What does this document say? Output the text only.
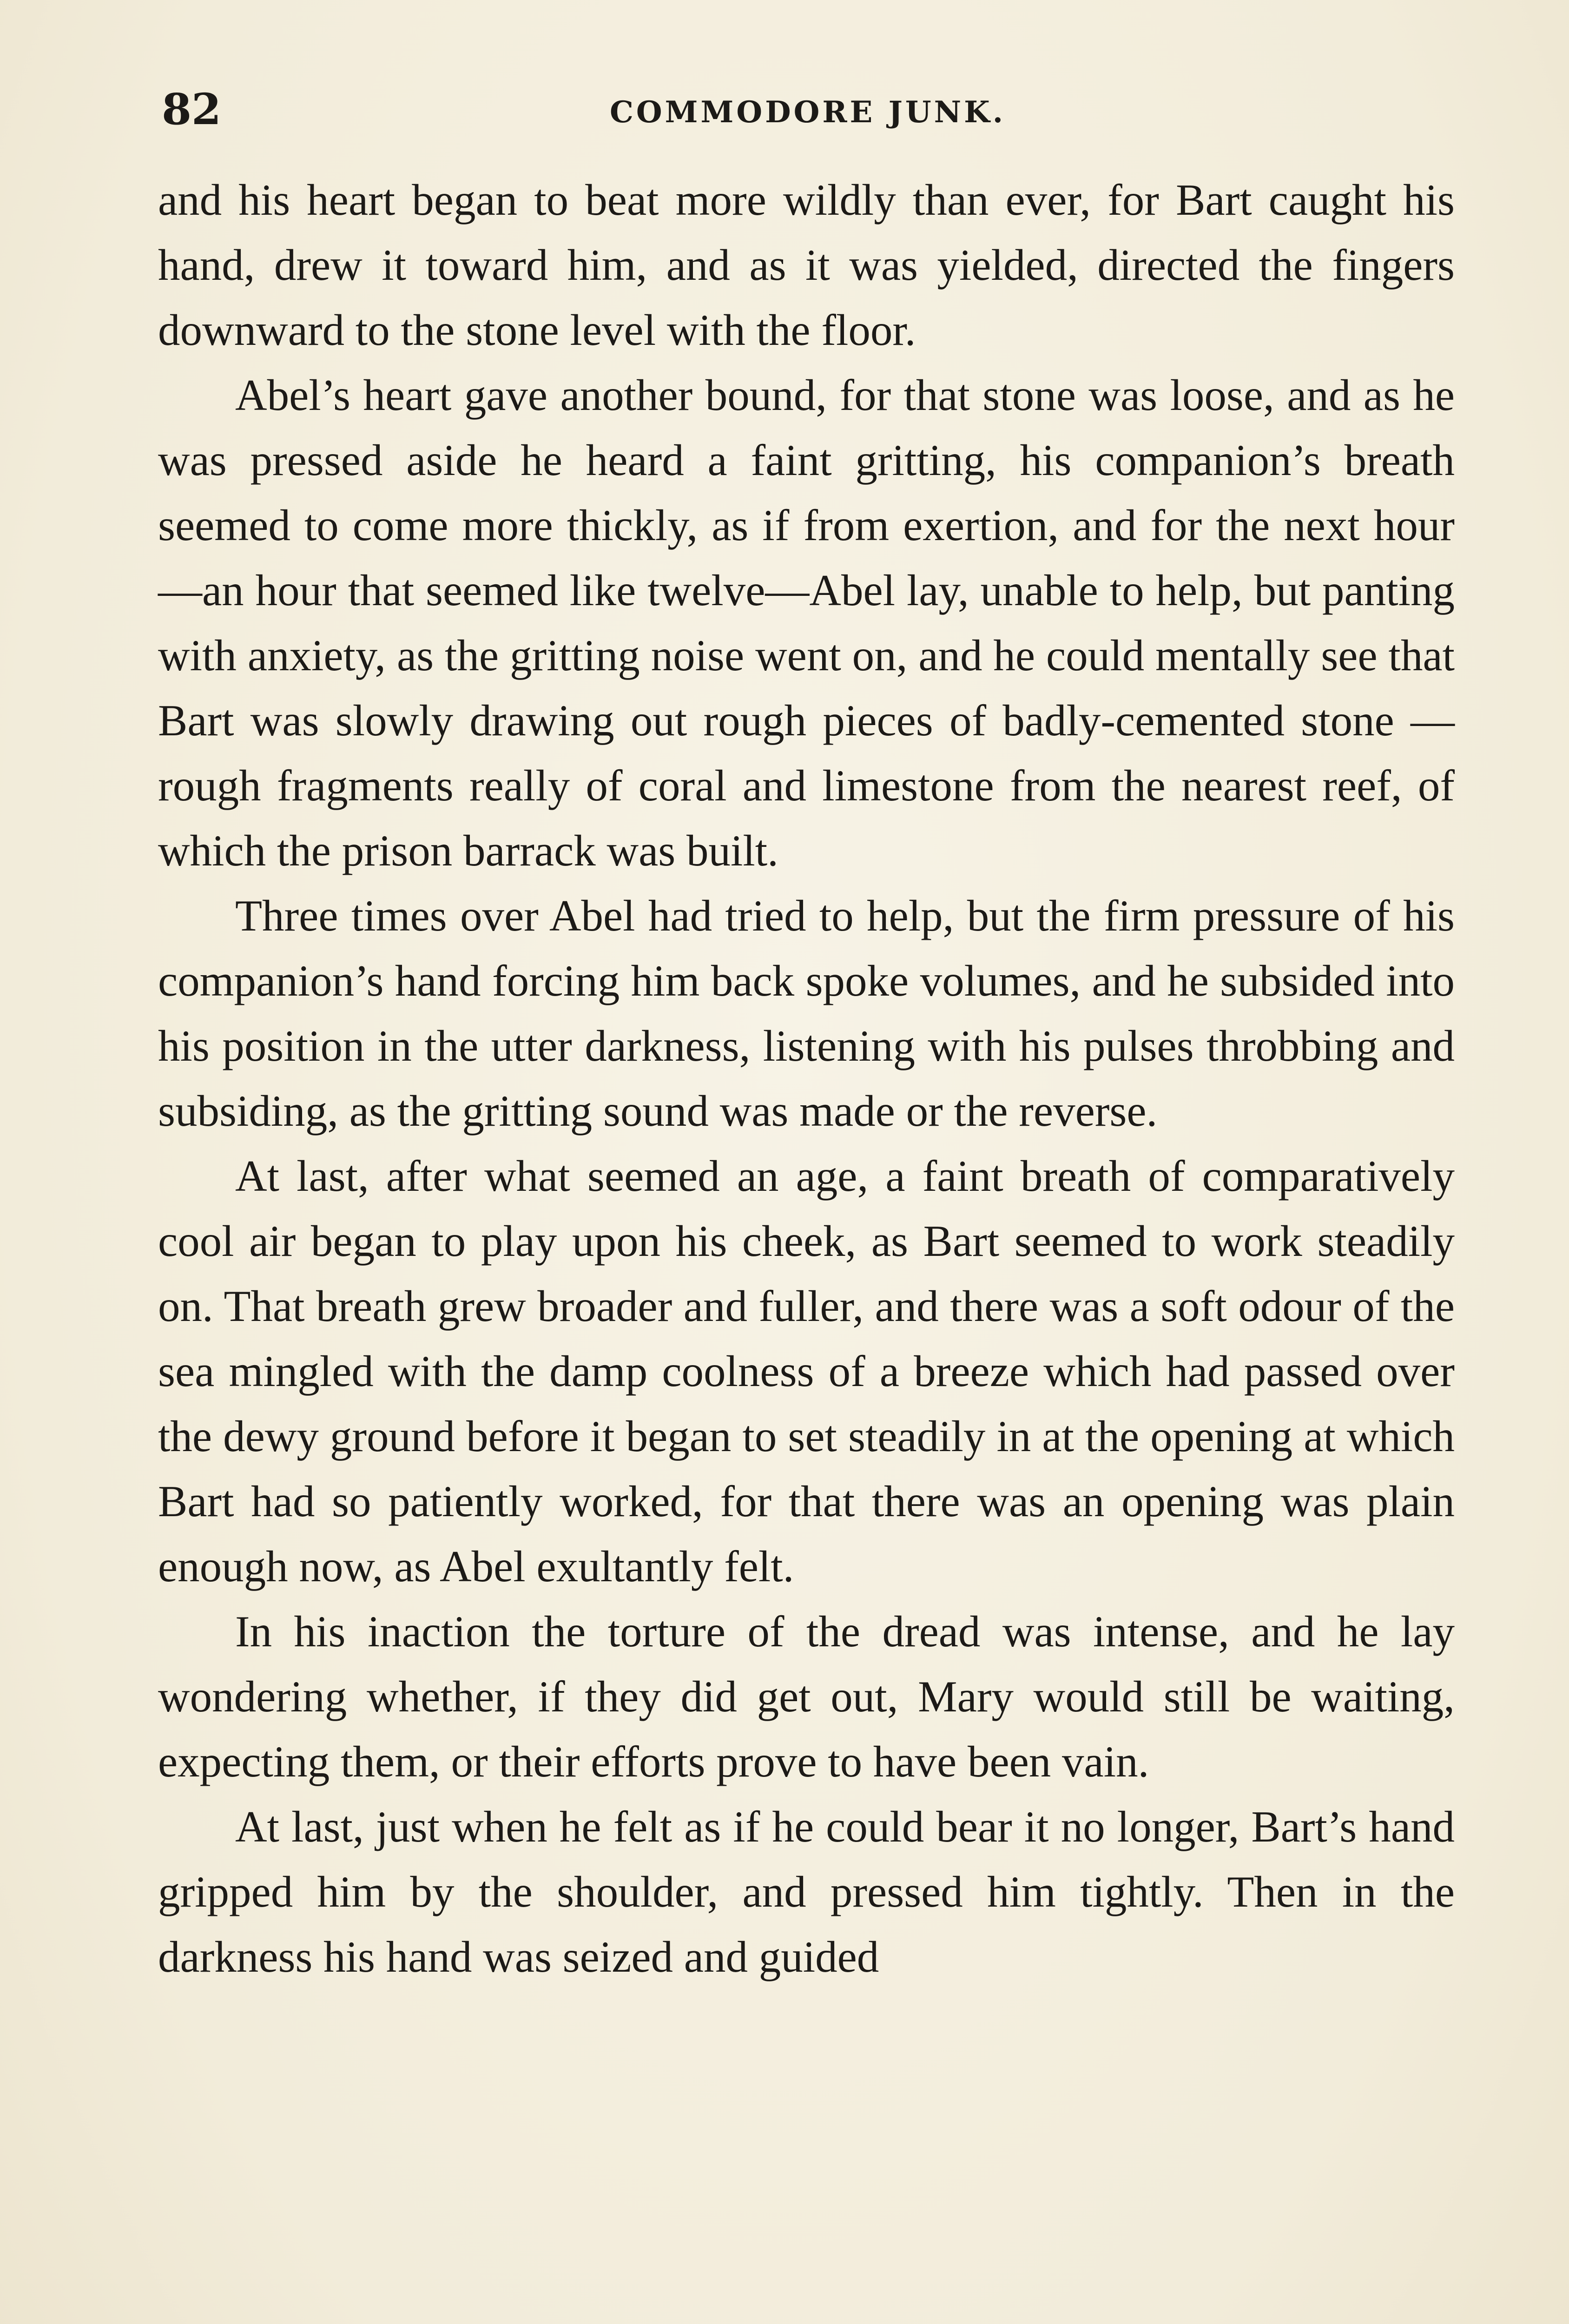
82	COMMODORE JUNK.

and his heart began to beat more wildly than ever, for Bart caught his hand, drew it toward him, and as it was yielded, directed the fingers downward to the stone level with the floor.

Abel’s heart gave another bound, for that stone was loose, and as he was pressed aside he heard a faint gritting, his companion’s breath seemed to come more thickly, as if from exertion, and for the next hour—an hour that seemed like twelve—Abel lay, unable to help, but panting with anxiety, as the gritting noise went on, and he could mentally see that Bart was slowly drawing out rough pieces of badly-cemented stone —rough fragments really of coral and limestone from the nearest reef, of which the prison barrack was built.

Three times over Abel had tried to help, but the firm pressure of his companion’s hand forcing him back spoke volumes, and he subsided into his position in the utter darkness, listening with his pulses throbbing and subsiding, as the gritting sound was made or the reverse.

At last, after what seemed an age, a faint breath of comparatively cool air began to play upon his cheek, as Bart seemed to work steadily on. That breath grew broader and fuller, and there was a soft odour of the sea mingled with the damp coolness of a breeze which had passed over the dewy ground before it began to set steadily in at the opening at which Bart had so patiently worked, for that there was an opening was plain enough now, as Abel exultantly felt.

In his inaction the torture of the dread was intense, and he lay wondering whether, if they did get out, Mary would still be waiting, expecting them, or their efforts prove to have been vain.

At last, just when he felt as if he could bear it no longer, Bart’s hand gripped him by the shoulder, and pressed him tightly. Then in the darkness his hand was seized and guided
